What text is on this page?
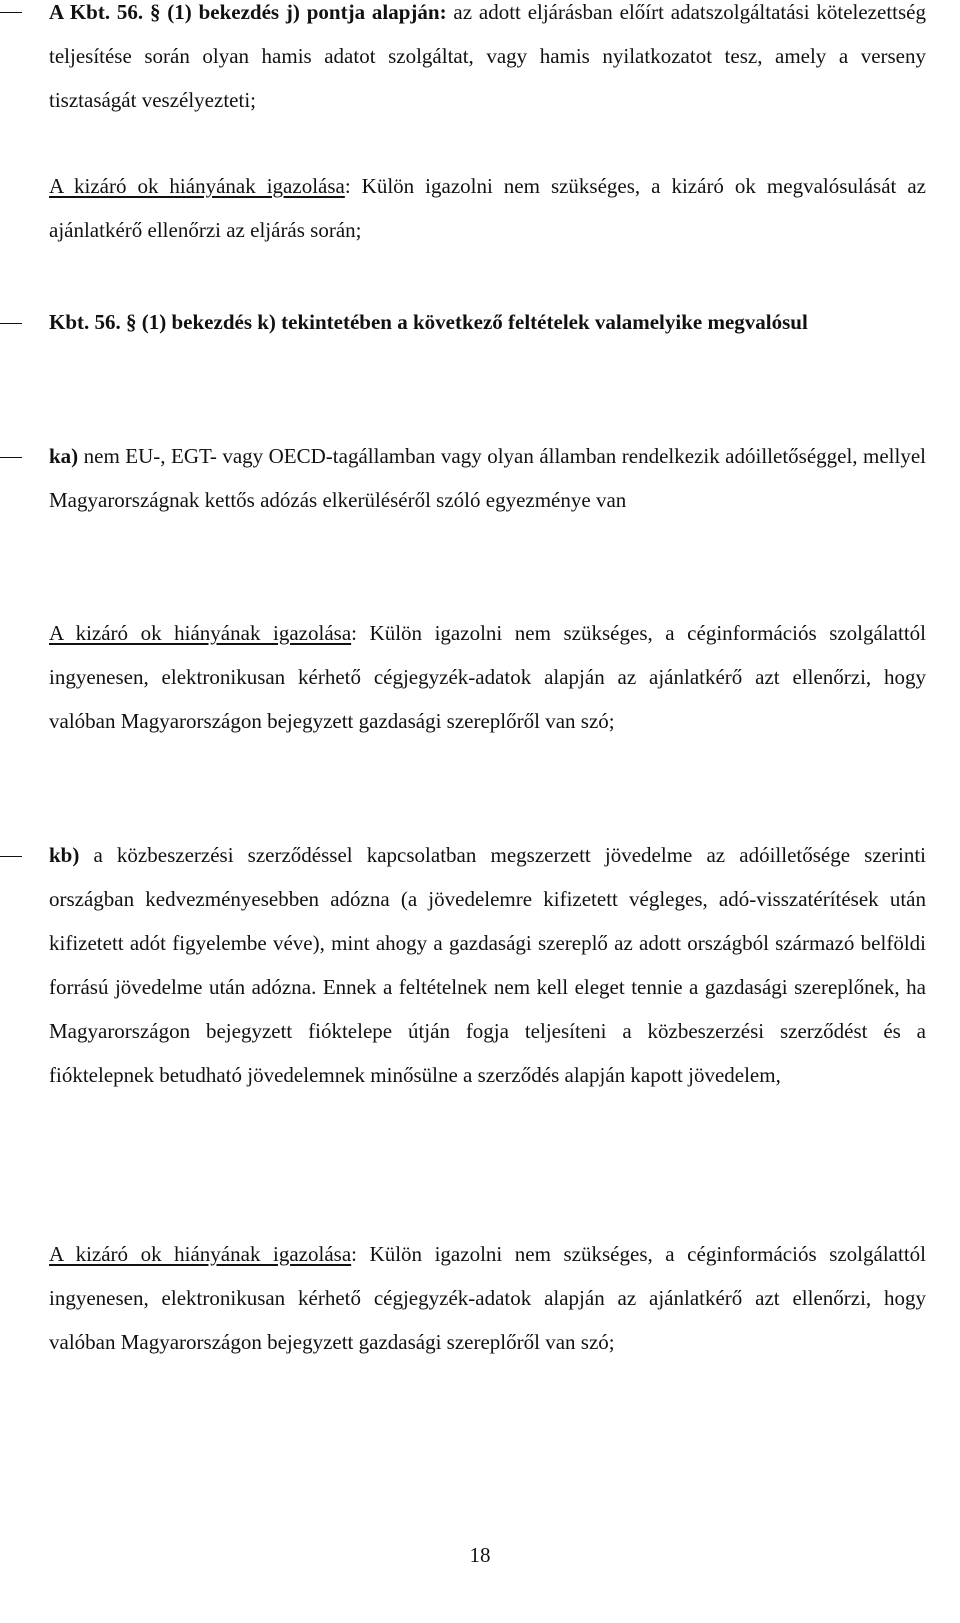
A Kbt. 56. § (1) bekezdés j) pontja alapján: az adott eljárásban előírt adatszolgáltatási kötelezettség teljesítése során olyan hamis adatot szolgáltat, vagy hamis nyilatkozatot tesz, amely a verseny tisztaságát veszélyezteti;

A kizáró ok hiányának igazolása: Külön igazolni nem szükséges, a kizáró ok megvalósulását az ajánlatkérő ellenőrzi az eljárás során;

Kbt. 56. § (1) bekezdés k) tekintetében a következő feltételek valamelyike megvalósul

ka) nem EU-, EGT- vagy OECD-tagállamban vagy olyan államban rendelkezik adóilletőséggel, mellyel Magyarországnak kettős adózás elkerüléséről szóló egyezménye van

A kizáró ok hiányának igazolása: Külön igazolni nem szükséges, a céginformációs szolgálattól ingyenesen, elektronikusan kérhető cégjegyzék-adatok alapján az ajánlatkérő azt ellenőrzi, hogy valóban Magyarországon bejegyzett gazdasági szereplőről van szó;

kb) a közbeszerzési szerződéssel kapcsolatban megszerzett jövedelme az adóilletősége szerinti országban kedvezményesebben adózna (a jövedelemre kifizetett végleges, adó-visszatérítések után kifizetett adót figyelembe véve), mint ahogy a gazdasági szereplő az adott országból származó belföldi forrású jövedelme után adózna. Ennek a feltételnek nem kell eleget tennie a gazdasági szereplőnek, ha Magyarországon bejegyzett fióktelepe útján fogja teljesíteni a közbeszerzési szerződést és a fióktelepnek betudható jövedelemnek minősülne a szerződés alapján kapott jövedelem,

A kizáró ok hiányának igazolása: Külön igazolni nem szükséges, a céginformációs szolgálattól ingyenesen, elektronikusan kérhető cégjegyzék-adatok alapján az ajánlatkérő azt ellenőrzi, hogy valóban Magyarországon bejegyzett gazdasági szereplőről van szó;

18
